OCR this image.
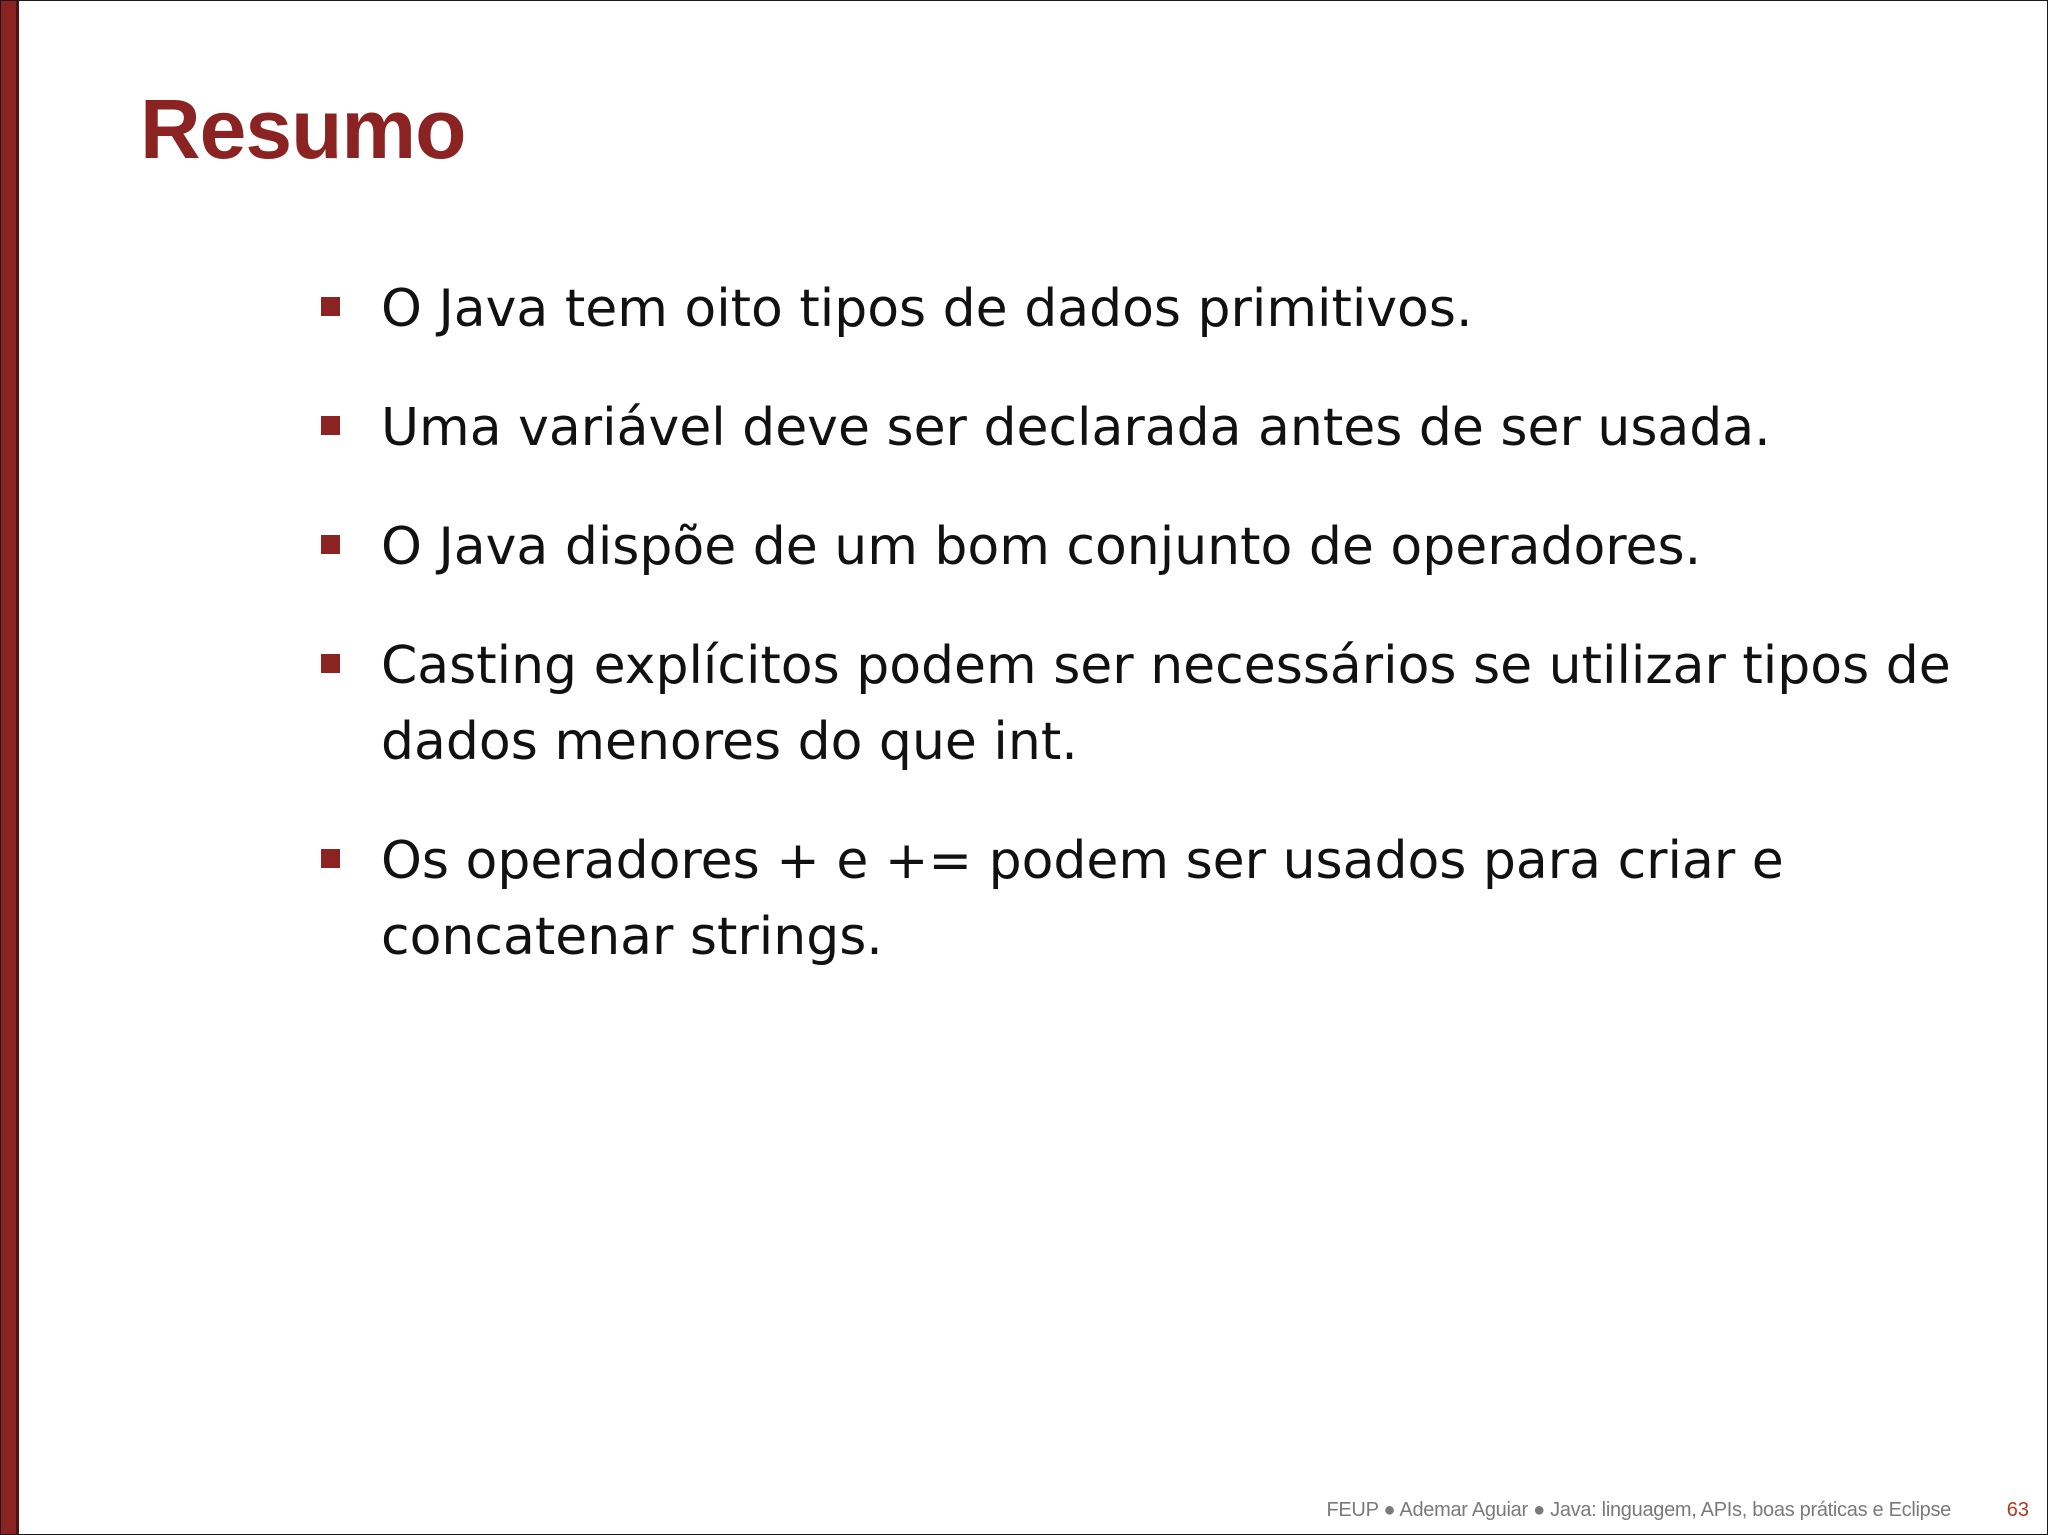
Resumo
O Java tem oito tipos de dados primitivos.
Uma variável deve ser declarada antes de ser usada.
O Java dispõe de um bom conjunto de operadores.
Casting explícitos podem ser necessários se utilizar tipos de dados menores do que int.
Os operadores + e += podem ser usados para criar e concatenar strings.
FEUP ● Ademar Aguiar ● Java: linguagem, APIs, boas práticas e Eclipse	63
